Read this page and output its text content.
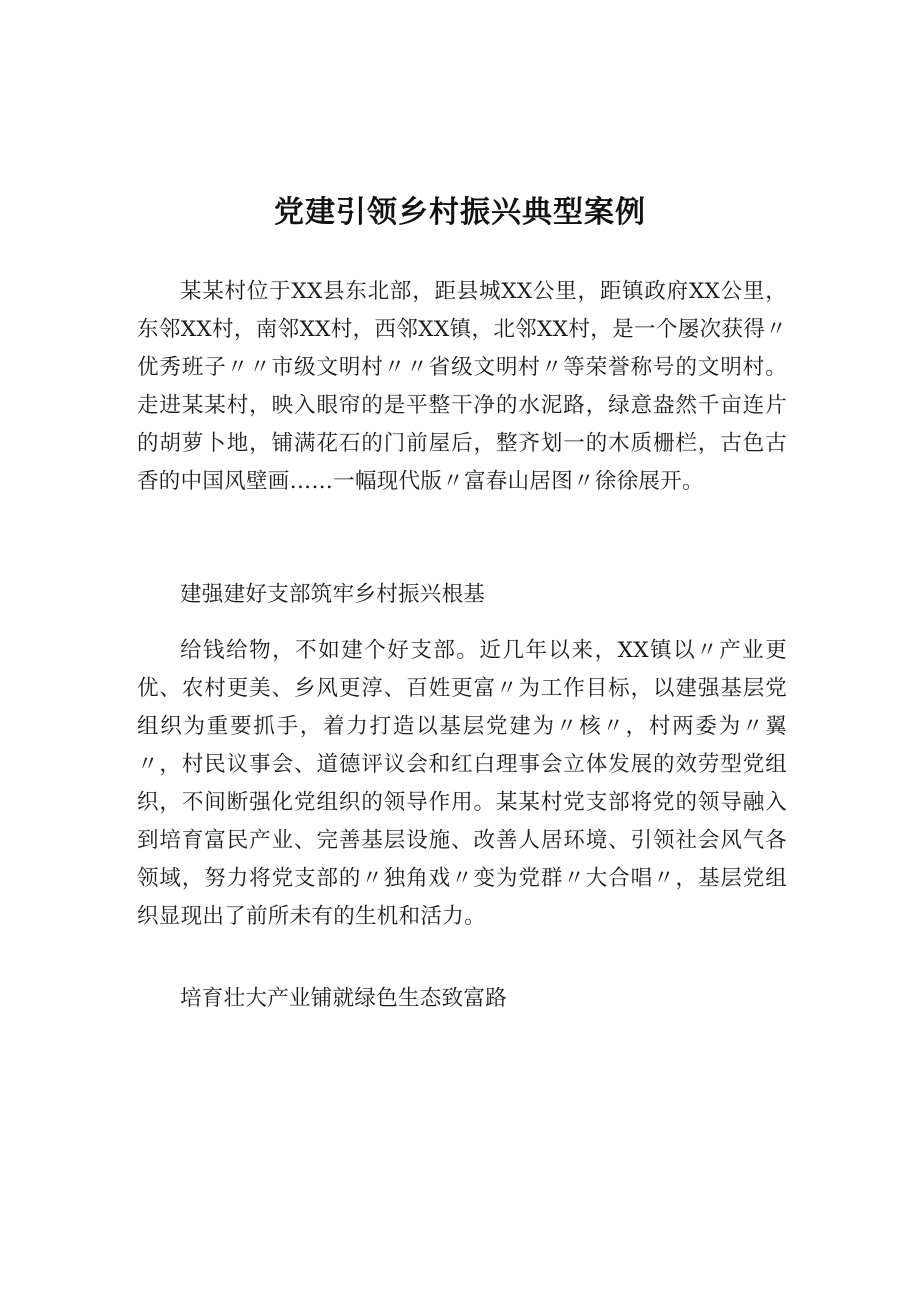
党建引领乡村振兴典型案例

某某村位于XX县东北部，距县城XX公里，距镇政府XX公里，东邻XX村，南邻XX村，西邻XX镇，北邻XX村，是一个屡次获得〃优秀班子〃〃市级文明村〃〃省级文明村〃等荣誉称号的文明村。走进某某村，映入眼帘的是平整干净的水泥路，绿意盎然千亩连片的胡萝卜地，铺满花石的门前屋后，整齐划一的木质栅栏，古色古香的中国风壁画……一幅现代版〃富春山居图〃徐徐展开。

建强建好支部筑牢乡村振兴根基

给钱给物，不如建个好支部。近几年以来，XX镇以〃产业更优、农村更美、乡风更淳、百姓更富〃为工作目标，以建强基层党组织为重要抓手，着力打造以基层党建为〃核〃，村两委为〃翼〃，村民议事会、道德评议会和红白理事会立体发展的效劳型党组织，不间断强化党组织的领导作用。某某村党支部将党的领导融入到培育富民产业、完善基层设施、改善人居环境、引领社会风气各领域，努力将党支部的〃独角戏〃变为党群〃大合唱〃，基层党组织显现出了前所未有的生机和活力。

培育壮大产业铺就绿色生态致富路
